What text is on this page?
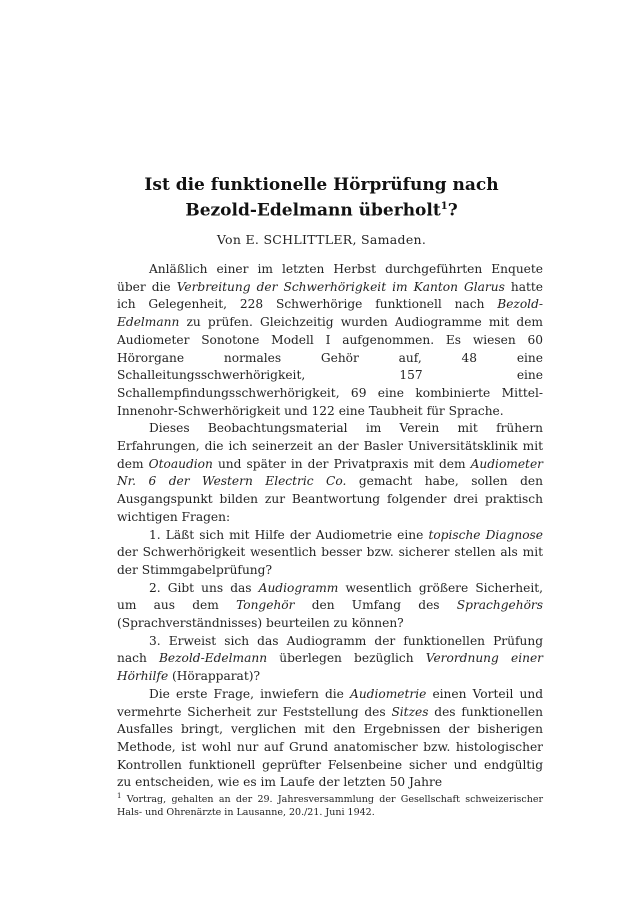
Ist die funktionelle Hörprüfung nach
Bezold-Edelmann überholt$^1$?
Von E. SCHLITTLER, Samaden.

Anläßlich einer im letzten Herbst durchgeführten Enquete über die Verbreitung der Schwerhörigkeit im Kanton Glarus hatte ich Gelegenheit, 228 Schwerhörige funktionell nach Bezold-Edelmann zu prüfen. Gleichzeitig wurden Audiogramme mit dem Audiometer Sonotone Modell I aufgenommen. Es wiesen 60 Hörorgane normales Gehör auf, 48 eine Schalleitungsschwerhörigkeit, 157 eine Schallempfindungsschwerhörigkeit, 69 eine kombinierte Mittel-Innenohr-Schwerhörigkeit und 122 eine Taubheit für Sprache.

Dieses Beobachtungsmaterial im Verein mit frühern Erfahrungen, die ich seinerzeit an der Basler Universitätsklinik mit dem Otoaudion und später in der Privatpraxis mit dem Audiometer Nr. 6 der Western Electric Co. gemacht habe, sollen den Ausgangspunkt bilden zur Beantwortung folgender drei praktisch wichtigen Fragen:

1. Läßt sich mit Hilfe der Audiometrie eine topische Diagnose der Schwerhörigkeit wesentlich besser bzw. sicherer stellen als mit der Stimmgabelprüfung?

2. Gibt uns das Audiogramm wesentlich größere Sicherheit, um aus dem Tongehör den Umfang des Sprachgehörs (Sprachverständnisses) beurteilen zu können?

3. Erweist sich das Audiogramm der funktionellen Prüfung nach Bezold-Edelmann überlegen bezüglich Verordnung einer Hörhilfe (Hörapparat)?

Die erste Frage, inwiefern die Audiometrie einen Vorteil und vermehrte Sicherheit zur Feststellung des Sitzes des funktionellen Ausfalles bringt, verglichen mit den Ergebnissen der bisherigen Methode, ist wohl nur auf Grund anatomischer bzw. histologischer Kontrollen funktionell geprüfter Felsenbeine sicher und endgültig zu entscheiden, wie es im Laufe der letzten 50 Jahre

$^1$ Vortrag, gehalten an der 29. Jahresversammlung der Gesellschaft schweizerischer Hals- und Ohrenärzte in Lausanne, 20./21. Juni 1942.
